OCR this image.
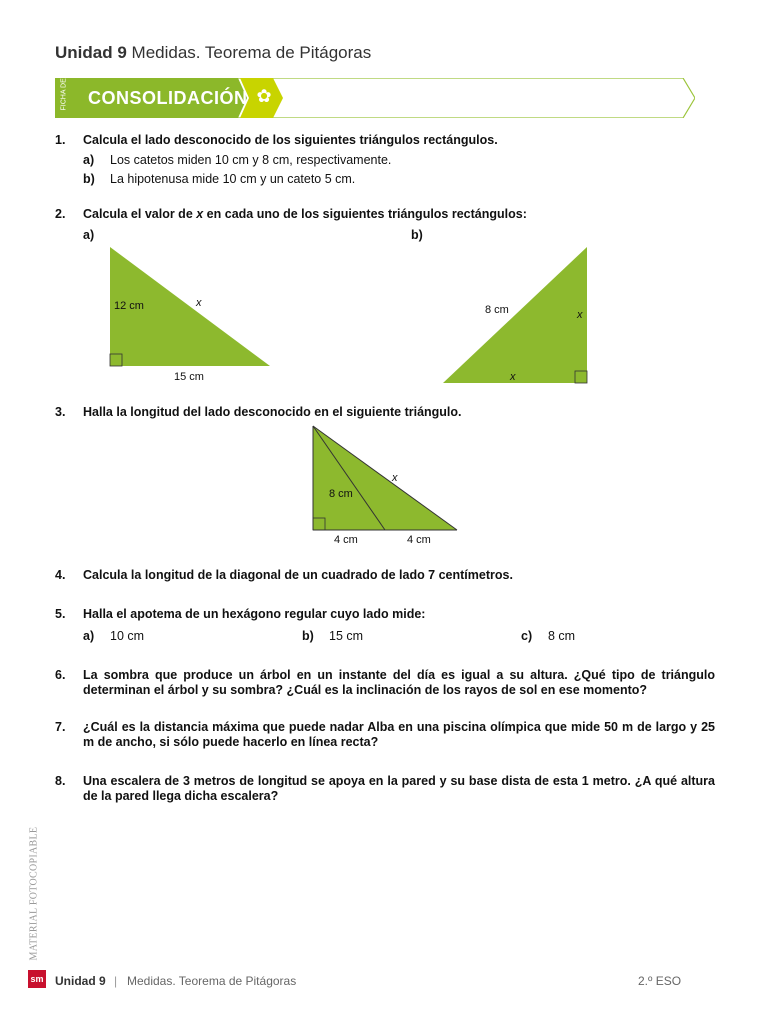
Unidad 9 Medidas. Teorema de Pitágoras
FICHA DE CONSOLIDACIÓN ✿
1. Calcula el lado desconocido de los siguientes triángulos rectángulos.
a) Los catetos miden 10 cm y 8 cm, respectivamente.
b) La hipotenusa mide 10 cm y un cateto 5 cm.
2. Calcula el valor de x en cada uno de los siguientes triángulos rectángulos:
a)	b)
12 cm	x
15 cm
8 cm	x
x
3. Halla la longitud del lado desconocido en el siguiente triángulo.
8 cm
x
4 cm	4 cm
4. Calcula la longitud de la diagonal de un cuadrado de lado 7 centímetros.
5. Halla el apotema de un hexágono regular cuyo lado mide:
a) 10 cm	b) 15 cm	c) 8 cm
6. La sombra que produce un árbol en un instante del día es igual a su altura. ¿Qué tipo de triángulo determinan el árbol y su sombra? ¿Cuál es la inclinación de los rayos de sol en ese momento?
7. ¿Cuál es la distancia máxima que puede nadar Alba en una piscina olímpica que mide 50 m de largo y 25 m de ancho, si sólo puede hacerlo en línea recta?
8. Una escalera de 3 metros de longitud se apoya en la pared y su base dista de esta 1 metro. ¿A qué altura de la pared llega dicha escalera?
MATERIAL FOTOCOPIABLE
sm Unidad 9 | Medidas. Teorema de Pitágoras	2.º ESO
